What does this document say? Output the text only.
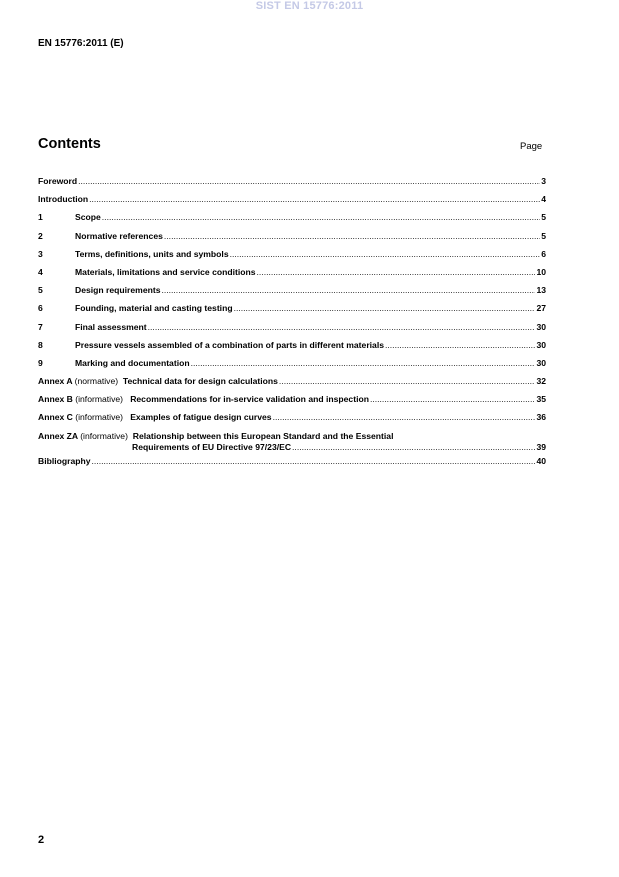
SIST EN 15776:2011
EN 15776:2011 (E)
Contents	Page
Foreword .....	3
Introduction .....	4
1	Scope .....	5
2	Normative references .....	5
3	Terms, definitions, units and symbols .....	6
4	Materials, limitations and service conditions .....	10
5	Design requirements .....	13
6	Founding, material and casting testing .....	27
7	Final assessment .....	30
8	Pressure vessels assembled of a combination of parts in different materials .....	30
9	Marking and documentation .....	30
Annex A (normative) Technical data for design calculations .....	32
Annex B (informative) Recommendations for in-service validation and inspection .....	35
Annex C (informative) Examples of fatigue design curves .....	36
Annex ZA (informative) Relationship between this European Standard and the Essential
Requirements of EU Directive 97/23/EC .....	39
Bibliography .....	40
2
